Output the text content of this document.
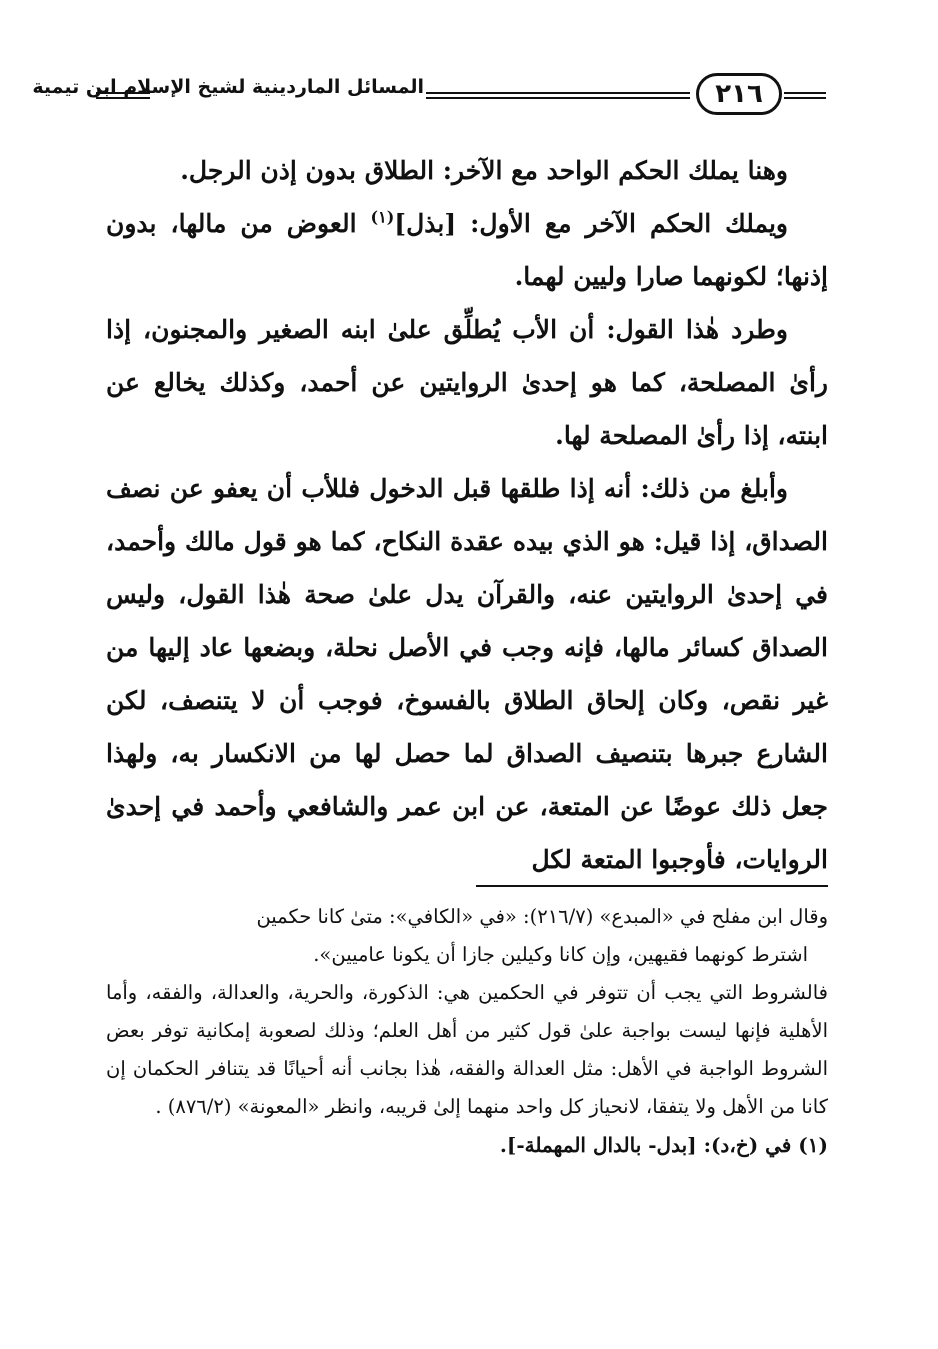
المسائل الماردينية لشيخ الإسلام ابن تيمية	٢١٦

وهنا يملك الحكم الواحد مع الآخر: الطلاق بدون إذن الرجل.

ويملك الحكم الآخر مع الأول: [بذل]$^{(١)}$ العوض من مالها، بدون إذنها؛ لكونهما صارا وليين لهما.

وطرد هٰذا القول: أن الأب يُطلِّق علىٰ ابنه الصغير والمجنون، إذا رأىٰ المصلحة، كما هو إحدىٰ الروايتين عن أحمد، وكذلك يخالع عن ابنته، إذا رأىٰ المصلحة لها.

وأبلغ من ذلك: أنه إذا طلقها قبل الدخول فللأب أن يعفو عن نصف الصداق، إذا قيل: هو الذي بيده عقدة النكاح، كما هو قول مالك وأحمد، في إحدىٰ الروايتين عنه، والقرآن يدل علىٰ صحة هٰذا القول، وليس الصداق كسائر مالها، فإنه وجب في الأصل نحلة، وبضعها عاد إليها من غير نقص، وكان إلحاق الطلاق بالفسوخ، فوجب أن لا يتنصف، لكن الشارع جبرها بتنصيف الصداق لما حصل لها من الانكسار به، ولهذا جعل ذلك عوضًا عن المتعة، عن ابن عمر والشافعي وأحمد في إحدىٰ الروايات، فأوجبوا المتعة لكل

وقال ابن مفلح في «المبدع» (٢١٦/٧): «في «الكافي»: متىٰ كانا حكمين

اشترط كونهما فقيهين، وإن كانا وكيلين جازا أن يكونا عاميين».

فالشروط التي يجب أن تتوفر في الحكمين هي: الذكورة، والحرية، والعدالة، والفقه، وأما الأهلية فإنها ليست بواجبة علىٰ قول كثير من أهل العلم؛ وذلك لصعوبة إمكانية توفر بعض الشروط الواجبة في الأهل: مثل العدالة والفقه، هٰذا بجانب أنه أحيانًا قد يتنافر الحكمان إن كانا من الأهل ولا يتفقا، لانحياز كل واحد منهما إلىٰ قريبه، وانظر «المعونة» (٨٧٦/٢) .

(١) في (خ،د): [بدل- بالدال المهملة-].
